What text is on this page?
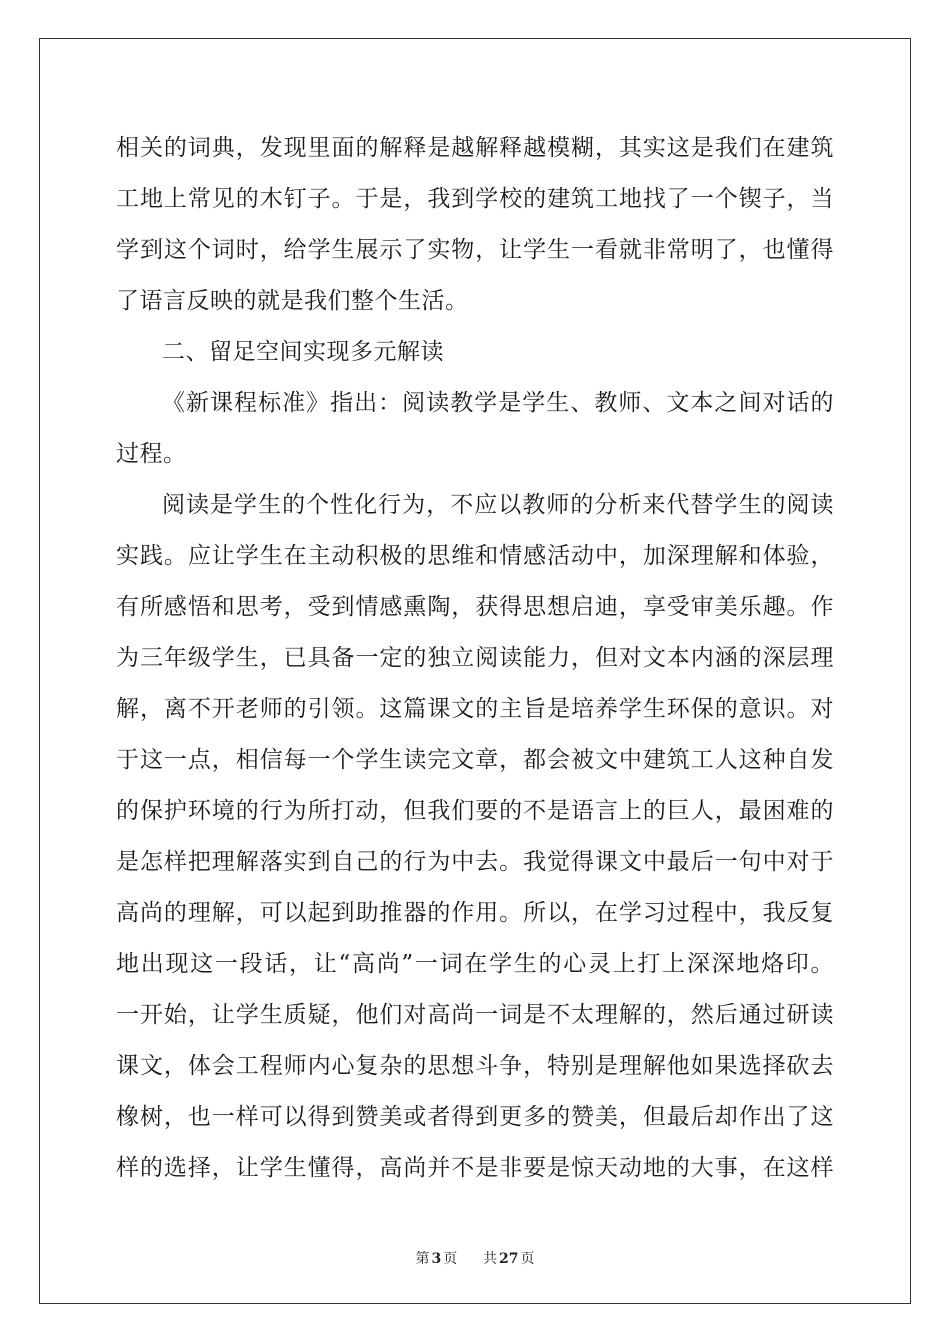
相关的词典，发现里面的解释是越解释越模糊，其实这是我们在建筑
工地上常见的木钉子。于是，我到学校的建筑工地找了一个锲子，当
学到这个词时，给学生展示了实物，让学生一看就非常明了，也懂得
了语言反映的就是我们整个生活。
二、留足空间实现多元解读
《新课程标准》指出：阅读教学是学生、教师、文本之间对话的
过程。
阅读是学生的个性化行为，不应以教师的分析来代替学生的阅读
实践。应让学生在主动积极的思维和情感活动中，加深理解和体验，
有所感悟和思考，受到情感熏陶，获得思想启迪，享受审美乐趣。作
为三年级学生，已具备一定的独立阅读能力，但对文本内涵的深层理
解，离不开老师的引领。这篇课文的主旨是培养学生环保的意识。对
于这一点，相信每一个学生读完文章，都会被文中建筑工人这种自发
的保护环境的行为所打动，但我们要的不是语言上的巨人，最困难的
是怎样把理解落实到自己的行为中去。我觉得课文中最后一句中对于
高尚的理解，可以起到助推器的作用。所以，在学习过程中，我反复
地出现这一段话，让“高尚”一词在学生的心灵上打上深深地烙印。
一开始，让学生质疑，他们对高尚一词是不太理解的，然后通过研读
课文，体会工程师内心复杂的思想斗争，特别是理解他如果选择砍去
橡树，也一样可以得到赞美或者得到更多的赞美，但最后却作出了这
样的选择，让学生懂得，高尚并不是非要是惊天动地的大事，在这样
第 3 页 共 27 页
